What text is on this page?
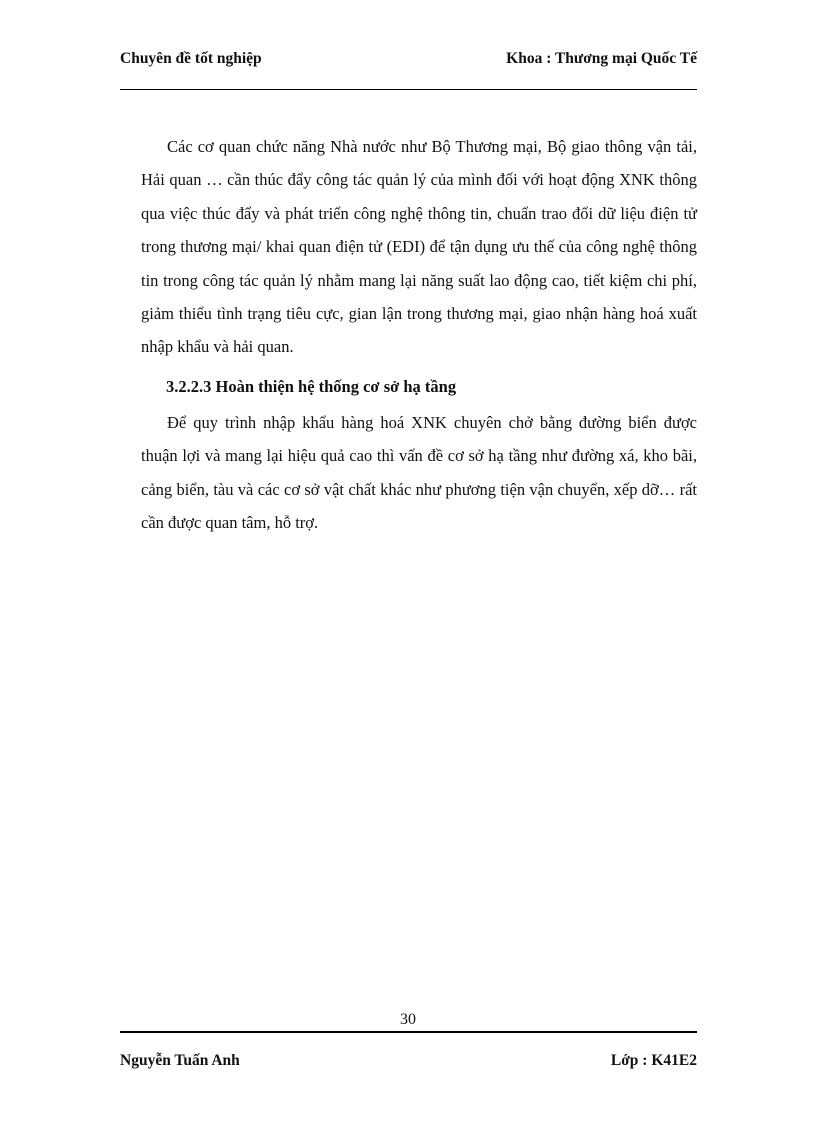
Chuyên đề tốt nghiệp	Khoa : Thương mại Quốc Tế

Các cơ quan chức năng Nhà nước như Bộ Thương mại, Bộ giao thông vận tải, Hải quan … cần thúc đẩy công tác quản lý của mình đối với hoạt động XNK thông qua việc thúc đẩy và phát triển công nghệ thông tin, chuẩn trao đổi dữ liệu điện tử trong thương mại/ khai quan điện tử (EDI) để tận dụng ưu thế của công nghệ thông tin trong công tác quản lý nhằm mang lại năng suất lao động cao, tiết kiệm chi phí, giảm thiểu tình trạng tiêu cực, gian lận trong thương mại, giao nhận hàng hoá xuất nhập khẩu và hải quan.

3.2.2.3 Hoàn thiện hệ thống cơ sở hạ tầng

Để quy trình nhập khẩu hàng hoá XNK chuyên chở bằng đường biển được thuận lợi và mang lại hiệu quả cao thì vấn đề cơ sở hạ tầng như đường xá, kho bãi, cảng biển, tàu và các cơ sở vật chất khác như phương tiện vận chuyển, xếp dỡ… rất cần được quan tâm, hỗ trợ.

30
Nguyễn Tuấn Anh	Lớp : K41E2
